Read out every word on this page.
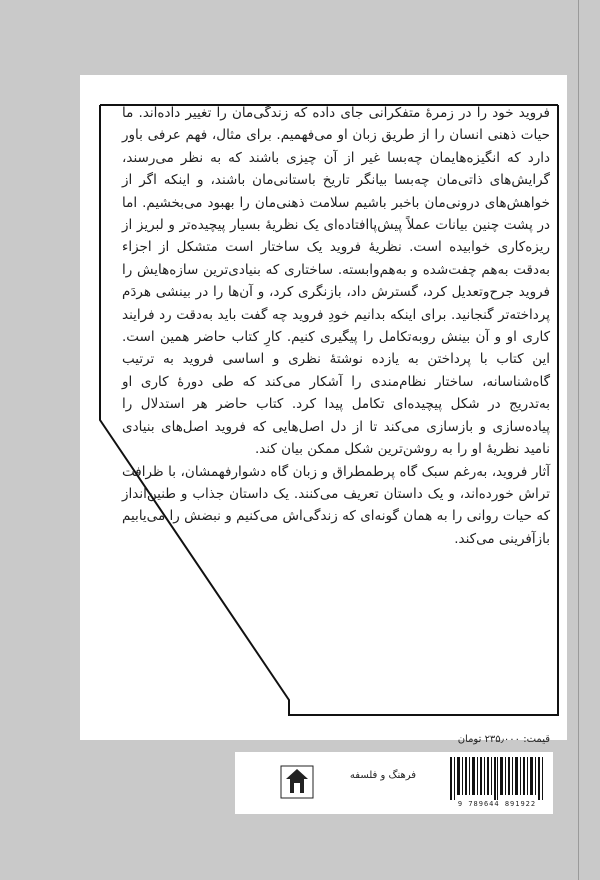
فروید خود را در زمرهٔ متفکرانی جای داده که زندگی‌مان را تغییر داده‌اند. ما حیات ذهنی انسان را از طریق زبان او می‌فهمیم. برای مثال، فهم عرفی باور دارد که انگیزه‌هایمان چه‌بسا غیر از آن چیزی باشند که به نظر می‌رسند، گرایش‌های ذاتی‌مان چه‌بسا بیانگر تاریخ باستانی‌مان باشند، و اینکه اگر از خواهش‌های درونی‌مان باخبر باشیم سلامت ذهنی‌مان را بهبود می‌بخشیم. اما در پشت چنین بیانات عملاً پیش‌پاافتاده‌ای یک نظریهٔ بسیار پیچیده‌تر و لبریز از ریزه‌کاری خوابیده است. نظریهٔ فروید یک ساختار است متشکل از اجزاء به‌دقت به‌هم چفت‌شده و به‌هم‌وابسته. ساختاری که بنیادی‌ترین سازه‌هایش را فروید جرح‌وتعدیل کرد، گسترش داد، بازنگری کرد، و آن‌ها را در بینشی هردَم پرداخته‌تر گنجانید. برای اینکه بدانیم خودِ فروید چه گفت باید به‌دقت رد فرایند کاری او و آن بینش رو‌به‌تکامل را پیگیری کنیم. کارِ کتاب حاضر همین است. این کتاب با پرداختن به یازده نوشتهٔ نظری و اساسی فروید به ترتیب گاه‌شناسانه، ساختار نظام‌مندی را آشکار می‌کند که طی دورهٔ کاری او به‌تدریج در شکل پیچیده‌ای تکامل پیدا کرد. کتاب حاضر هر استدلال را پیاده‌سازی و بازسازی می‌کند تا از دل اصل‌هایی که فروید اصل‌های بنیادی نامید نظریهٔ او را به روشن‌ترین شکل ممکن بیان کند.

آثار فروید، به‌رغم سبک گاه پرطمطراق و زبان گاه دشوارفهمشان، با ظرافت تراش خورده‌اند، و یک داستان تعریف می‌کنند. یک داستان جذاب و طنین‌انداز که حیات روانی را به همان گونه‌ای که زندگی‌اش می‌کنیم و نبضش را می‌یابیم بازآفرینی می‌کند.

قیمت: ۲۳۵٫۰۰۰ تومان
فرهنگ و فلسفه
9 789644 891922
